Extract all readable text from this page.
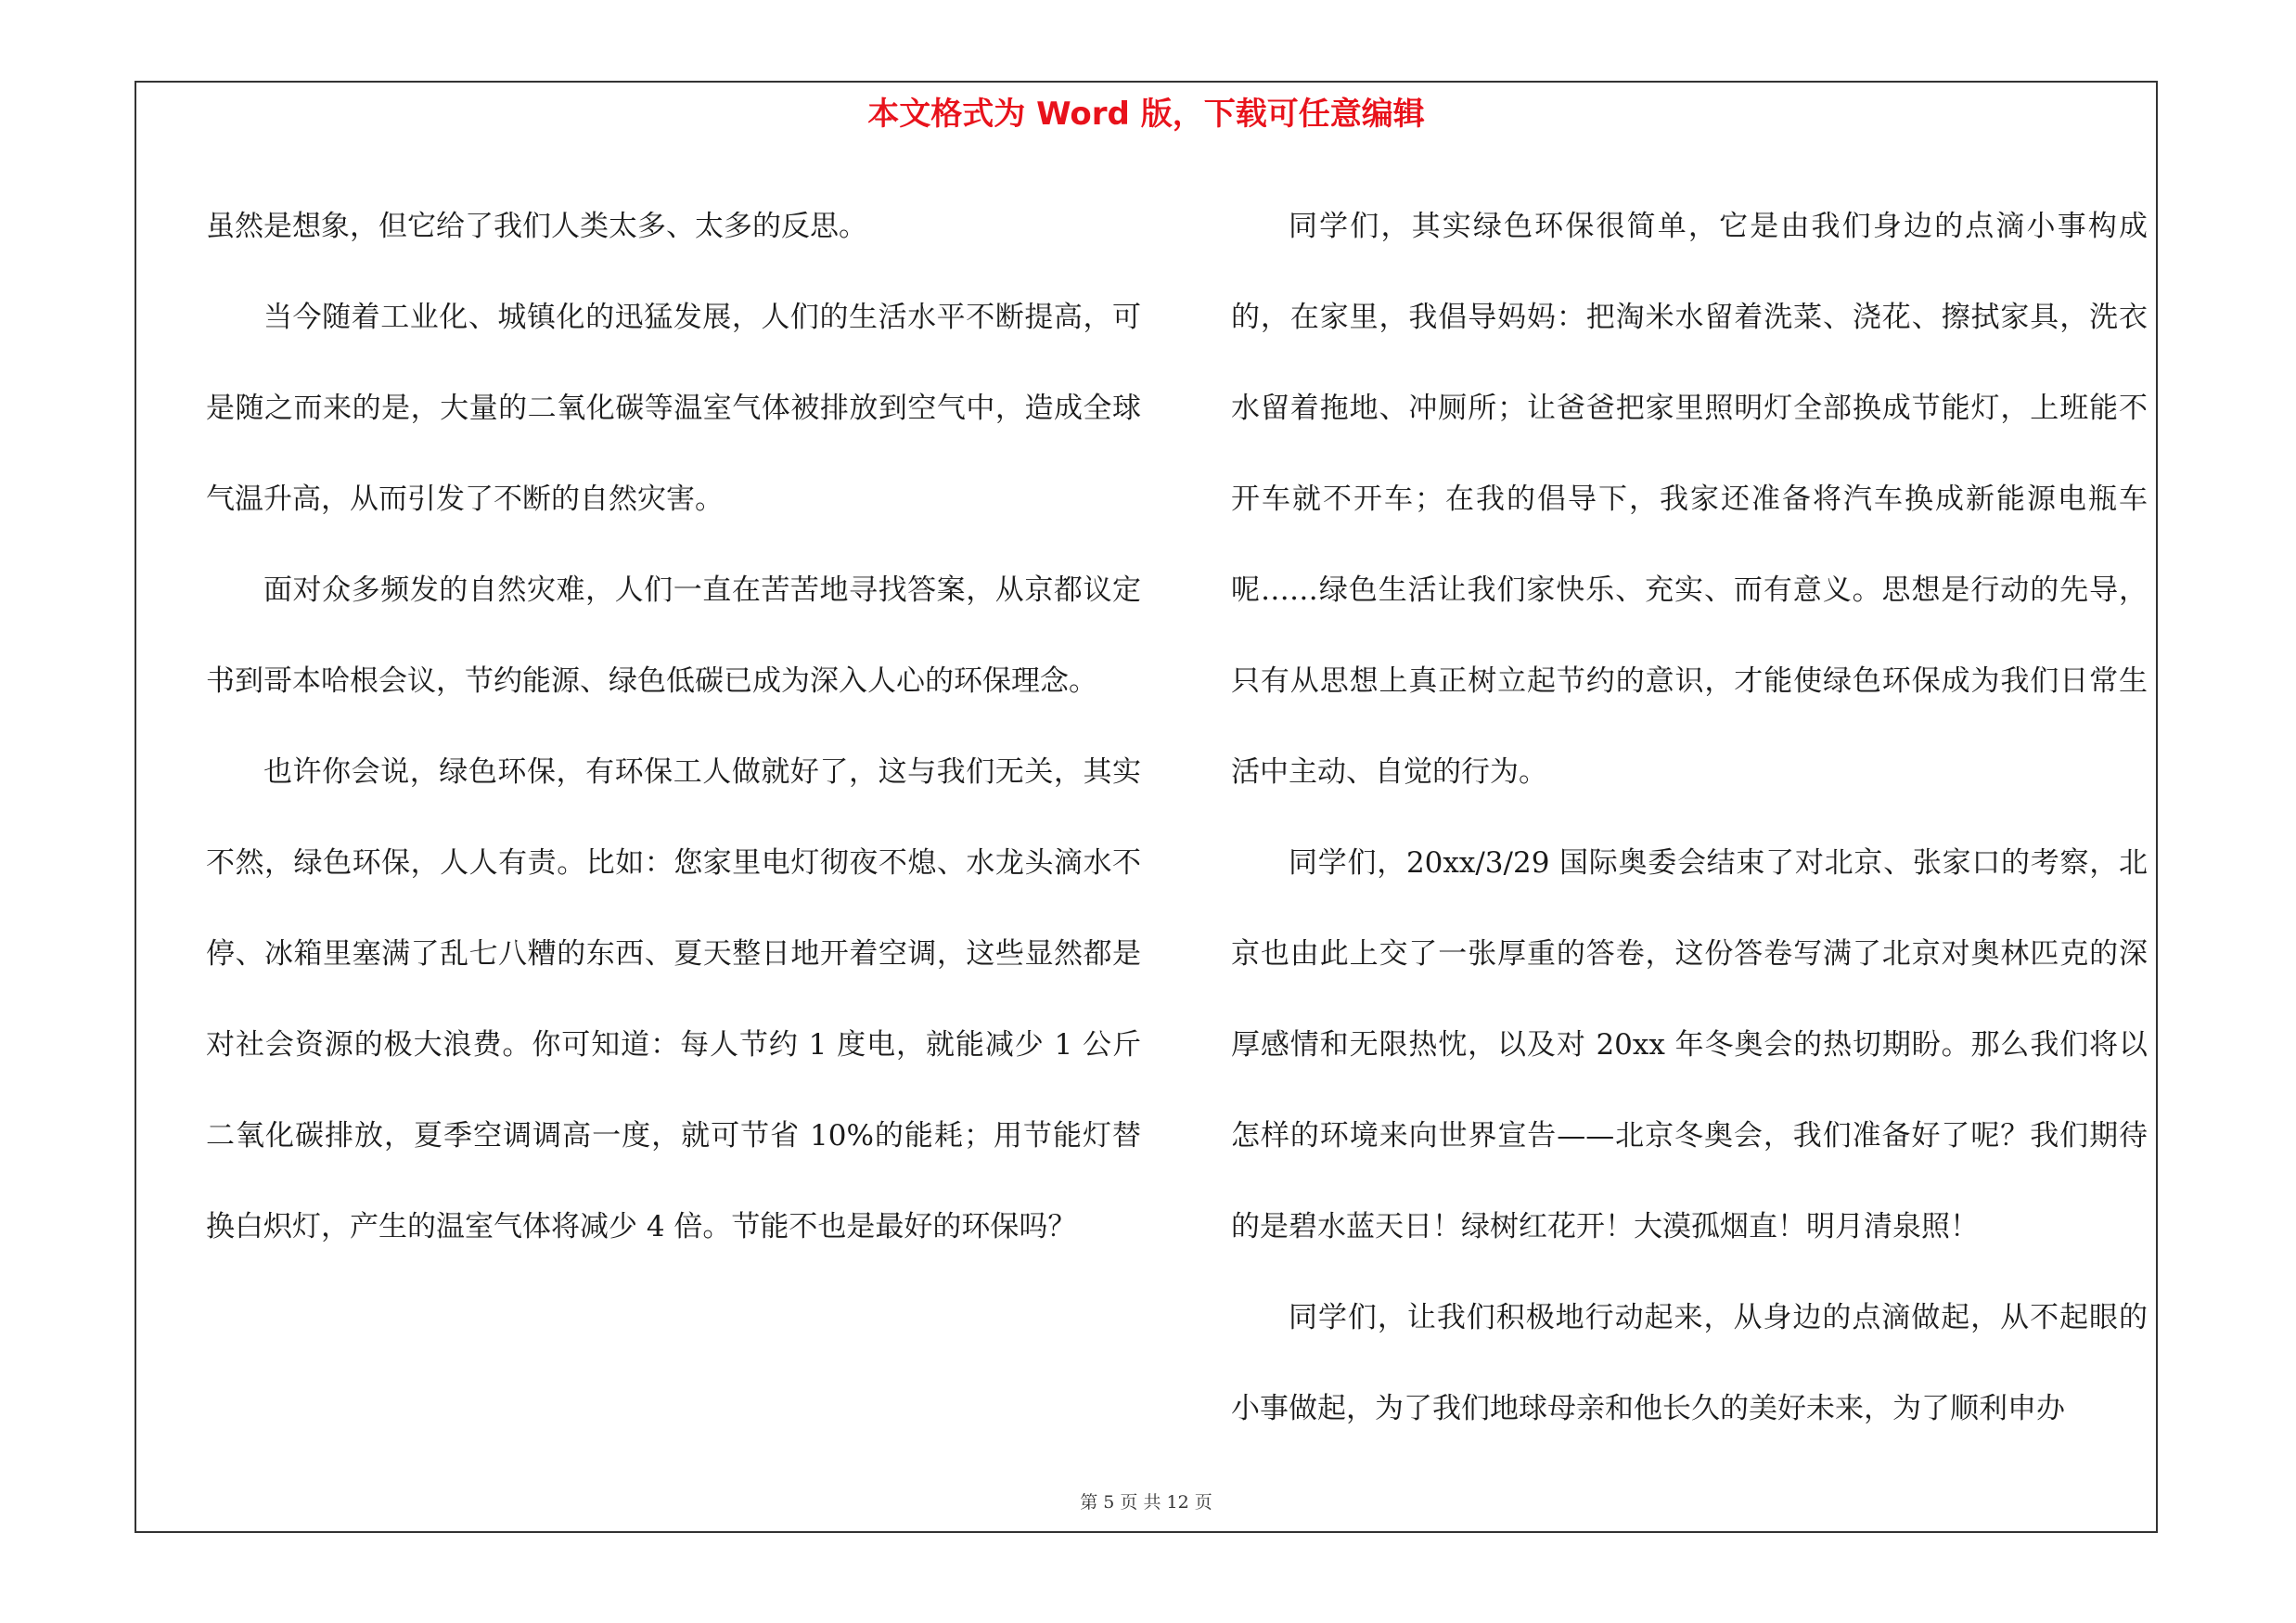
本文格式为 Word 版，下载可任意编辑

虽然是想象，但它给了我们人类太多、太多的反思。

当今随着工业化、城镇化的迅猛发展，人们的生活水平不断提高，可是随之而来的是，大量的二氧化碳等温室气体被排放到空气中，造成全球气温升高，从而引发了不断的自然灾害。

面对众多频发的自然灾难，人们一直在苦苦地寻找答案，从京都议定书到哥本哈根会议，节约能源、绿色低碳已成为深入人心的环保理念。

也许你会说，绿色环保，有环保工人做就好了，这与我们无关，其实不然，绿色环保，人人有责。比如：您家里电灯彻夜不熄、水龙头滴水不停、冰箱里塞满了乱七八糟的东西、夏天整日地开着空调，这些显然都是对社会资源的极大浪费。你可知道：每人节约 1 度电，就能减少 1 公斤二氧化碳排放，夏季空调调高一度，就可节省 10%的能耗；用节能灯替换白炽灯，产生的温室气体将减少 4 倍。节能不也是最好的环保吗？

同学们，其实绿色环保很简单，它是由我们身边的点滴小事构成的，在家里，我倡导妈妈：把淘米水留着洗菜、浇花、擦拭家具，洗衣水留着拖地、冲厕所；让爸爸把家里照明灯全部换成节能灯，上班能不开车就不开车；在我的倡导下，我家还准备将汽车换成新能源电瓶车呢……绿色生活让我们家快乐、充实、而有意义。思想是行动的先导，只有从思想上真正树立起节约的意识，才能使绿色环保成为我们日常生活中主动、自觉的行为。

同学们，20xx/3/29 国际奥委会结束了对北京、张家口的考察，北京也由此上交了一张厚重的答卷，这份答卷写满了北京对奥林匹克的深厚感情和无限热忱，以及对 20xx 年冬奥会的热切期盼。那么我们将以怎样的环境来向世界宣告——北京冬奥会，我们准备好了呢？我们期待的是碧水蓝天日！绿树红花开！大漠孤烟直！明月清泉照！

同学们，让我们积极地行动起来，从身边的点滴做起，从不起眼的小事做起，为了我们地球母亲和他长久的美好未来，为了顺利申办

第 5 页 共 12 页
